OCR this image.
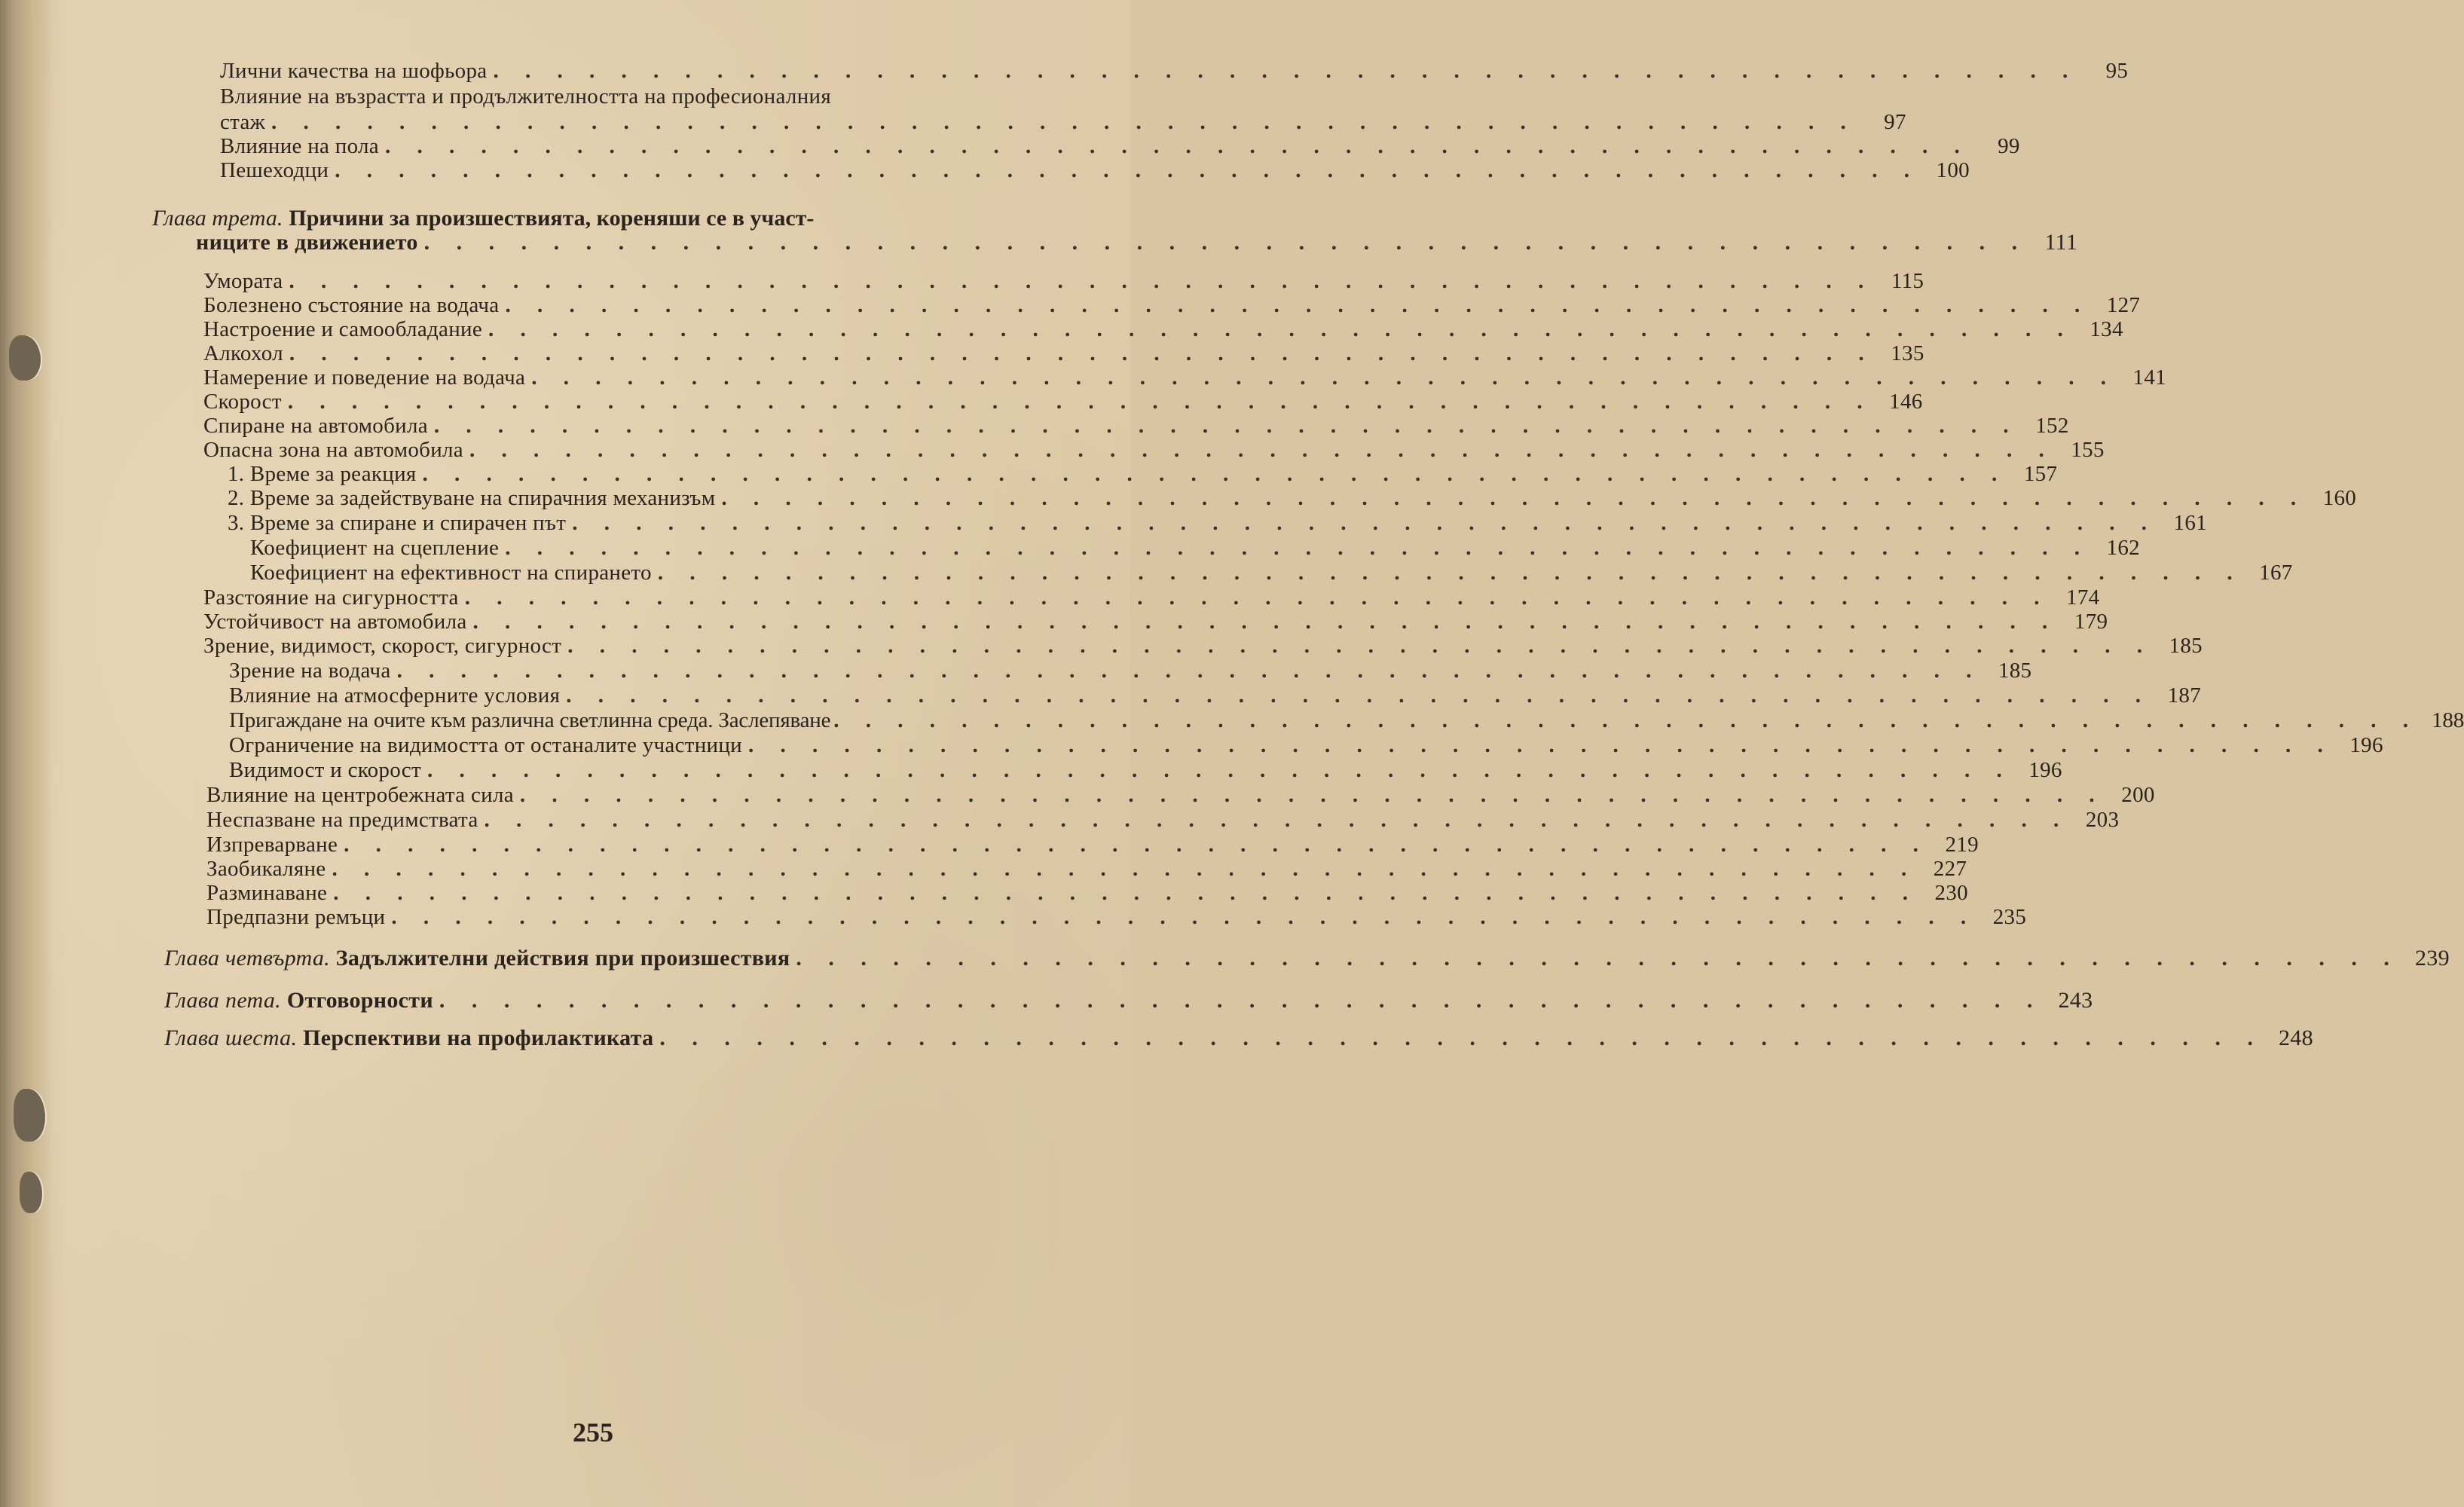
Лични качества на шофьора . . . . . . . . . . . . . . . . . . . . . . . . . . . . . . . . . . . . . . . . . . . . . . . . . .	95
Влияние на възрастта и продължителността на професионалния
стаж . . . . . . . . . . . . . . . . . . . . . . . . . . . . . . . . . . . . . . . . . . . . . . . . . .	97
Влияние на пола . . . . . . . . . . . . . . . . . . . . . . . . . . . . . . . . . . . . . . . . . . . . . . . . . .	99
Пешеходци . . . . . . . . . . . . . . . . . . . . . . . . . . . . . . . . . . . . . . . . . . . . . . . . . . 100
Глава трета. Причини за произшествията, кореняши се в участ-
ниците в движението . . . . . . . . . . . . . . . . . . . . . . . . . . . . . . . . . . . . . . . . . . . . . . . . . . 111
Умората . . . . . . . . . . . . . . . . . . . . . . . . . . . . . . . . . . . . . . . . . . . . . . . . . . 115
Болезнено състояние на водача . . . . . . . . . . . . . . . . . . . . . . . . . . . . . . . . . . . . . . . . . . . . . . . . . . 127
Настроение и самообладание . . . . . . . . . . . . . . . . . . . . . . . . . . . . . . . . . . . . . . . . . . . . . . . . . . 134
Алкохол . . . . . . . . . . . . . . . . . . . . . . . . . . . . . . . . . . . . . . . . . . . . . . . . . . 135
Намерение и поведение на водача . . . . . . . . . . . . . . . . . . . . . . . . . . . . . . . . . . . . . . . . . . . . . . . . . . 141
Скорост . . . . . . . . . . . . . . . . . . . . . . . . . . . . . . . . . . . . . . . . . . . . . . . . . . 146
Спиране на автомобила . . . . . . . . . . . . . . . . . . . . . . . . . . . . . . . . . . . . . . . . . . . . . . . . . . 152
Опасна зона на автомобила . . . . . . . . . . . . . . . . . . . . . . . . . . . . . . . . . . . . . . . . . . . . . . . . . . 155
1. Време за реакция . . . . . . . . . . . . . . . . . . . . . . . . . . . . . . . . . . . . . . . . . . . . . . . . . . 157
2. Време за задействуване на спирачния механизъм . . . . . . . . . . . . . . . . . . . . . . . . . . . . . . . . . . . . . . . . . . . . . . . . . . 160
3. Време за спиране и спирачен път . . . . . . . . . . . . . . . . . . . . . . . . . . . . . . . . . . . . . . . . . . . . . . . . . . 161
Коефициент на сцепление . . . . . . . . . . . . . . . . . . . . . . . . . . . . . . . . . . . . . . . . . . . . . . . . . . 162
Коефициент на ефективност на спирането . . . . . . . . . . . . . . . . . . . . . . . . . . . . . . . . . . . . . . . . . . . . . . . . . . 167
Разстояние на сигурността . . . . . . . . . . . . . . . . . . . . . . . . . . . . . . . . . . . . . . . . . . . . . . . . . . 174
Устойчивост на автомобила . . . . . . . . . . . . . . . . . . . . . . . . . . . . . . . . . . . . . . . . . . . . . . . . . . 179
Зрение, видимост, скорост, сигурност . . . . . . . . . . . . . . . . . . . . . . . . . . . . . . . . . . . . . . . . . . . . . . . . . . 185
Зрение на водача . . . . . . . . . . . . . . . . . . . . . . . . . . . . . . . . . . . . . . . . . . . . . . . . . . 185
Влияние на атмосферните условия . . . . . . . . . . . . . . . . . . . . . . . . . . . . . . . . . . . . . . . . . . . . . . . . . . 187
Пригаждане на очите към различна светлинна среда. Заслепяване . . . . . . . . . . . . . . . . . . . . . . . . . . . . . . . . . . . . . . . . . . . . . . . . . . 188
Ограничение на видимостта от останалите участници . . . . . . . . . . . . . . . . . . . . . . . . . . . . . . . . . . . . . . . . . . . . . . . . . . 196
Видимост и скорост . . . . . . . . . . . . . . . . . . . . . . . . . . . . . . . . . . . . . . . . . . . . . . . . . . 196
Влияние на центробежната сила . . . . . . . . . . . . . . . . . . . . . . . . . . . . . . . . . . . . . . . . . . . . . . . . . . 200
Неспазване на предимствата . . . . . . . . . . . . . . . . . . . . . . . . . . . . . . . . . . . . . . . . . . . . . . . . . . 203
Изпреварване . . . . . . . . . . . . . . . . . . . . . . . . . . . . . . . . . . . . . . . . . . . . . . . . . . 219
Заобикаляне . . . . . . . . . . . . . . . . . . . . . . . . . . . . . . . . . . . . . . . . . . . . . . . . . . 227
Разминаване . . . . . . . . . . . . . . . . . . . . . . . . . . . . . . . . . . . . . . . . . . . . . . . . . . 230
Предпазни ремъци . . . . . . . . . . . . . . . . . . . . . . . . . . . . . . . . . . . . . . . . . . . . . . . . . . 235
Глава четвърта. Задължителни действия при произшествия . . . . . . . . . . . . . . . . . . . . . . . . . . . . . . . . . . . . . . . . . . . . . . . . . . 239
Глава пета. Отговорности . . . . . . . . . . . . . . . . . . . . . . . . . . . . . . . . . . . . . . . . . . . . . . . . . . 243
Глава шеста. Перспективи на профилактиката . . . . . . . . . . . . . . . . . . . . . . . . . . . . . . . . . . . . . . . . . . . . . . . . . . 248
255
